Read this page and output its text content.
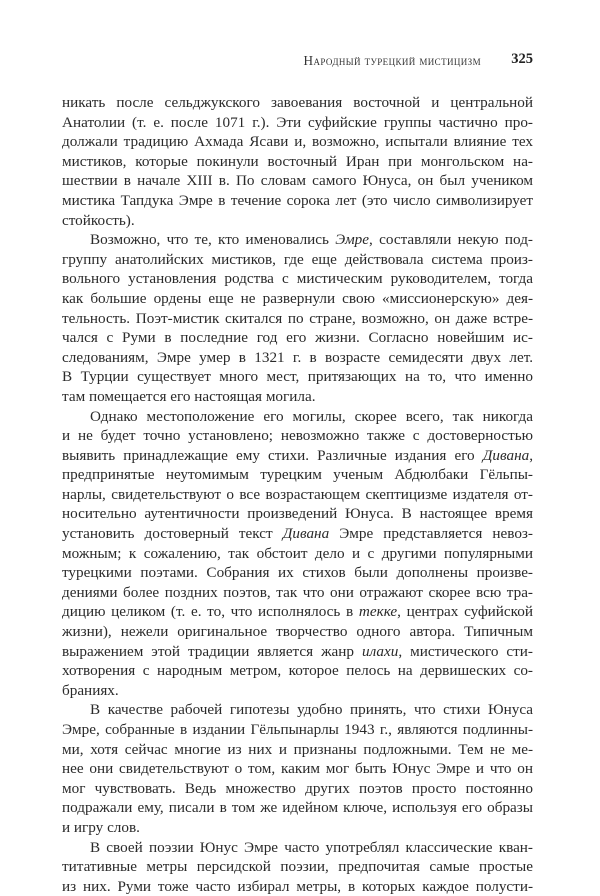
Народный турецкий мистицизм 325
никать после сельджукского завоевания восточной и центральной
Анатолии (т. е. после 1071 г.). Эти суфийские группы частично про-
должали традицию Ахмада Ясави и, возможно, испытали влияние тех
мистиков, которые покинули восточный Иран при монгольском на-
шествии в начале XIII в. По словам самого Юнуса, он был учеником
мистика Тапдука Эмре в течение сорока лет (это число символизирует
стойкость).
Возможно, что те, кто именовались Эмре, составляли некую под-
группу анатолийских мистиков, где еще действовала система произ-
вольного установления родства с мистическим руководителем, тогда
как большие ордены еще не развернули свою «миссионерскую» дея-
тельность. Поэт-мистик скитался по стране, возможно, он даже встре-
чался с Руми в последние год его жизни. Согласно новейшим ис-
следованиям, Эмре умер в 1321 г. в возрасте семидесяти двух лет.
В Турции существует много мест, притязающих на то, что именно
там помещается его настоящая могила.
Однако местоположение его могилы, скорее всего, так никогда
и не будет точно установлено; невозможно также с достоверностью
выявить принадлежащие ему стихи. Различные издания его Дивана,
предпринятые неутомимым турецким ученым Абдюлбаки Гёльпы-
нарлы, свидетельствуют о все возрастающем скептицизме издателя от-
носительно аутентичности произведений Юнуса. В настоящее время
установить достоверный текст Дивана Эмре представляется невоз-
можным; к сожалению, так обстоит дело и с другими популярными
турецкими поэтами. Собрания их стихов были дополнены произве-
дениями более поздних поэтов, так что они отражают скорее всю тра-
дицию целиком (т. е. то, что исполнялось в текке, центрах суфийской
жизни), нежели оригинальное творчество одного автора. Типичным
выражением этой традиции является жанр илахи, мистического сти-
хотворения с народным метром, которое пелось на дервишеских со-
браниях.
В качестве рабочей гипотезы удобно принять, что стихи Юнуса
Эмре, собранные в издании Гёльпынарлы 1943 г., являются подлинны-
ми, хотя сейчас многие из них и признаны подложными. Тем не ме-
нее они свидетельствуют о том, каким мог быть Юнус Эмре и что он
мог чувствовать. Ведь множество других поэтов просто постоянно
подражали ему, писали в том же идейном ключе, используя его образы
и игру слов.
В своей поэзии Юнус Эмре часто употреблял классические кван-
титативные метры персидской поэзии, предпочитая самые простые
из них. Руми тоже часто избирал метры, в которых каждое полусти-
